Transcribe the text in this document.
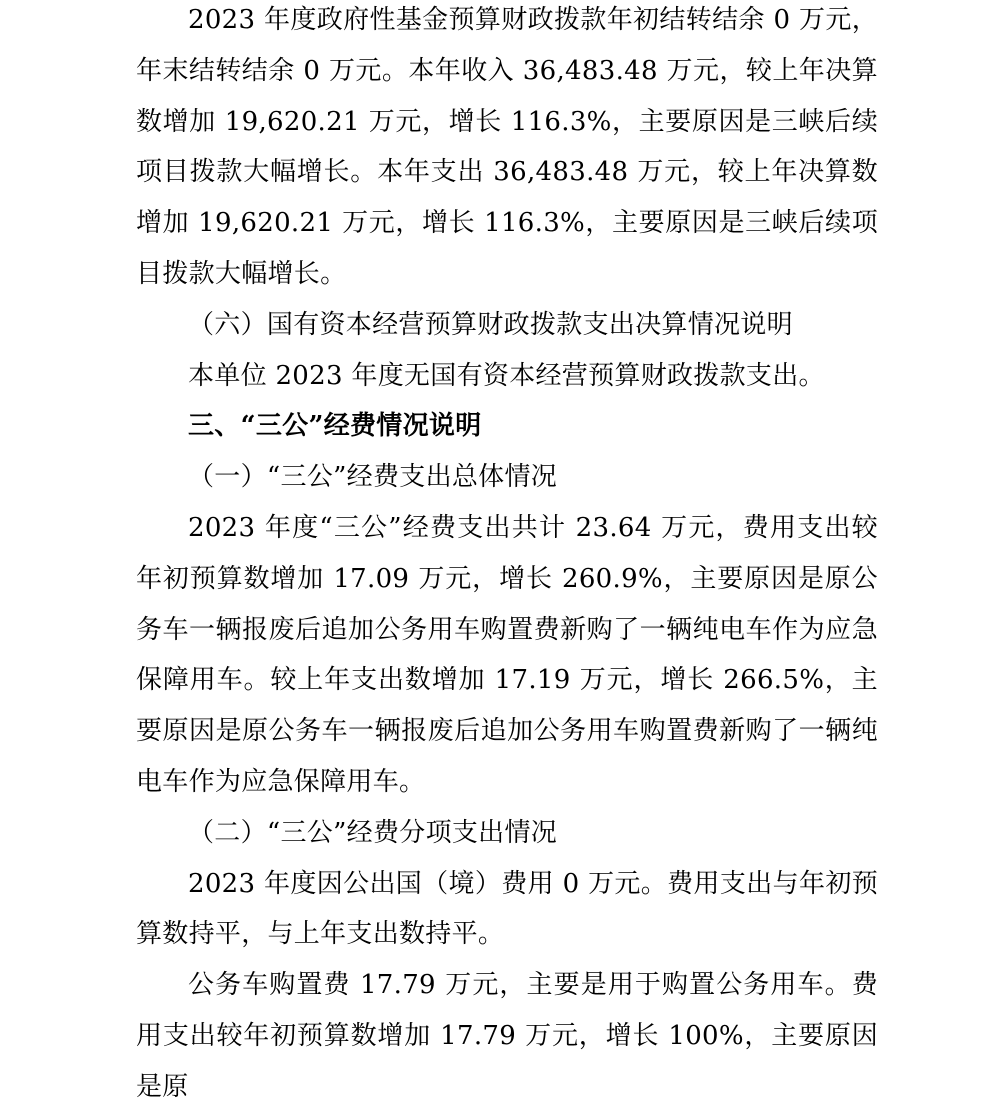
2023 年度政府性基金预算财政拨款年初结转结余 0 万元，年末结转结余 0 万元。本年收入 36,483.48 万元，较上年决算数增加 19,620.21 万元，增长 116.3%，主要原因是三峡后续项目拨款大幅增长。本年支出 36,483.48 万元，较上年决算数增加 19,620.21 万元，增长 116.3%，主要原因是三峡后续项目拨款大幅增长。

（六）国有资本经营预算财政拨款支出决算情况说明

本单位 2023 年度无国有资本经营预算财政拨款支出。

三、“三公”经费情况说明

（一）“三公”经费支出总体情况

2023 年度“三公”经费支出共计 23.64 万元，费用支出较年初预算数增加 17.09 万元，增长 260.9%，主要原因是原公务车一辆报废后追加公务用车购置费新购了一辆纯电车作为应急保障用车。较上年支出数增加 17.19 万元，增长 266.5%，主要原因是原公务车一辆报废后追加公务用车购置费新购了一辆纯电车作为应急保障用车。

（二）“三公”经费分项支出情况

2023 年度因公出国（境）费用 0 万元。费用支出与年初预算数持平，与上年支出数持平。

公务车购置费 17.79 万元，主要是用于购置公务用车。费用支出较年初预算数增加 17.79 万元，增长 100%，主要原因是原
